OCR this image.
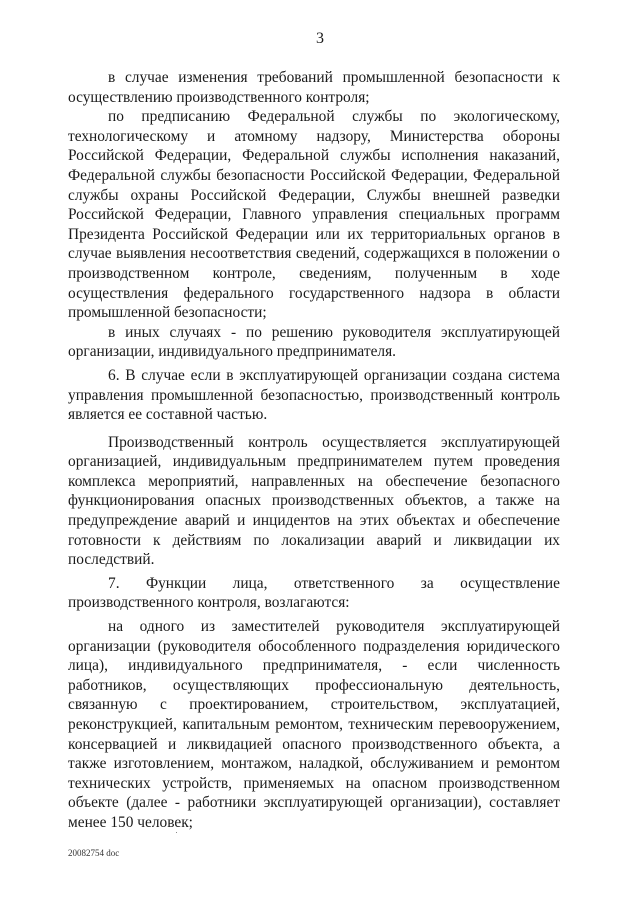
3

в случае изменения требований промышленной безопасности к осуществлению производственного контроля;

по предписанию Федеральной службы по экологическому, технологическому и атомному надзору, Министерства обороны Российской Федерации, Федеральной службы исполнения наказаний, Федеральной службы безопасности Российской Федерации, Федеральной службы охраны Российской Федерации, Службы внешней разведки Российской Федерации, Главного управления специальных программ Президента Российской Федерации или их территориальных органов в случае выявления несоответствия сведений, содержащихся в положении о производственном контроле, сведениям, полученным в ходе осуществления федерального государственного надзора в области промышленной безопасности;

в иных случаях - по решению руководителя эксплуатирующей организации, индивидуального предпринимателя.

6. В случае если в эксплуатирующей организации создана система управления промышленной безопасностью, производственный контроль является ее составной частью.

Производственный контроль осуществляется эксплуатирующей организацией, индивидуальным предпринимателем путем проведения комплекса мероприятий, направленных на обеспечение безопасного функционирования опасных производственных объектов, а также на предупреждение аварий и инцидентов на этих объектах и обеспечение готовности к действиям по локализации аварий и ликвидации их последствий.

7. Функции лица, ответственного за осуществление производственного контроля, возлагаются:

на одного из заместителей руководителя эксплуатирующей организации (руководителя обособленного подразделения юридического лица), индивидуального предпринимателя, - если численность работников, осуществляющих профессиональную деятельность, связанную с проектированием, строительством, эксплуатацией, реконструкцией, капитальным ремонтом, техническим перевооружением, консервацией и ликвидацией опасного производственного объекта, а также изготовлением, монтажом, наладкой, обслуживанием и ремонтом технических устройств, применяемых на опасном производственном объекте (далее - работники эксплуатирующей организации), составляет менее 150 человек;

20082754 doc
